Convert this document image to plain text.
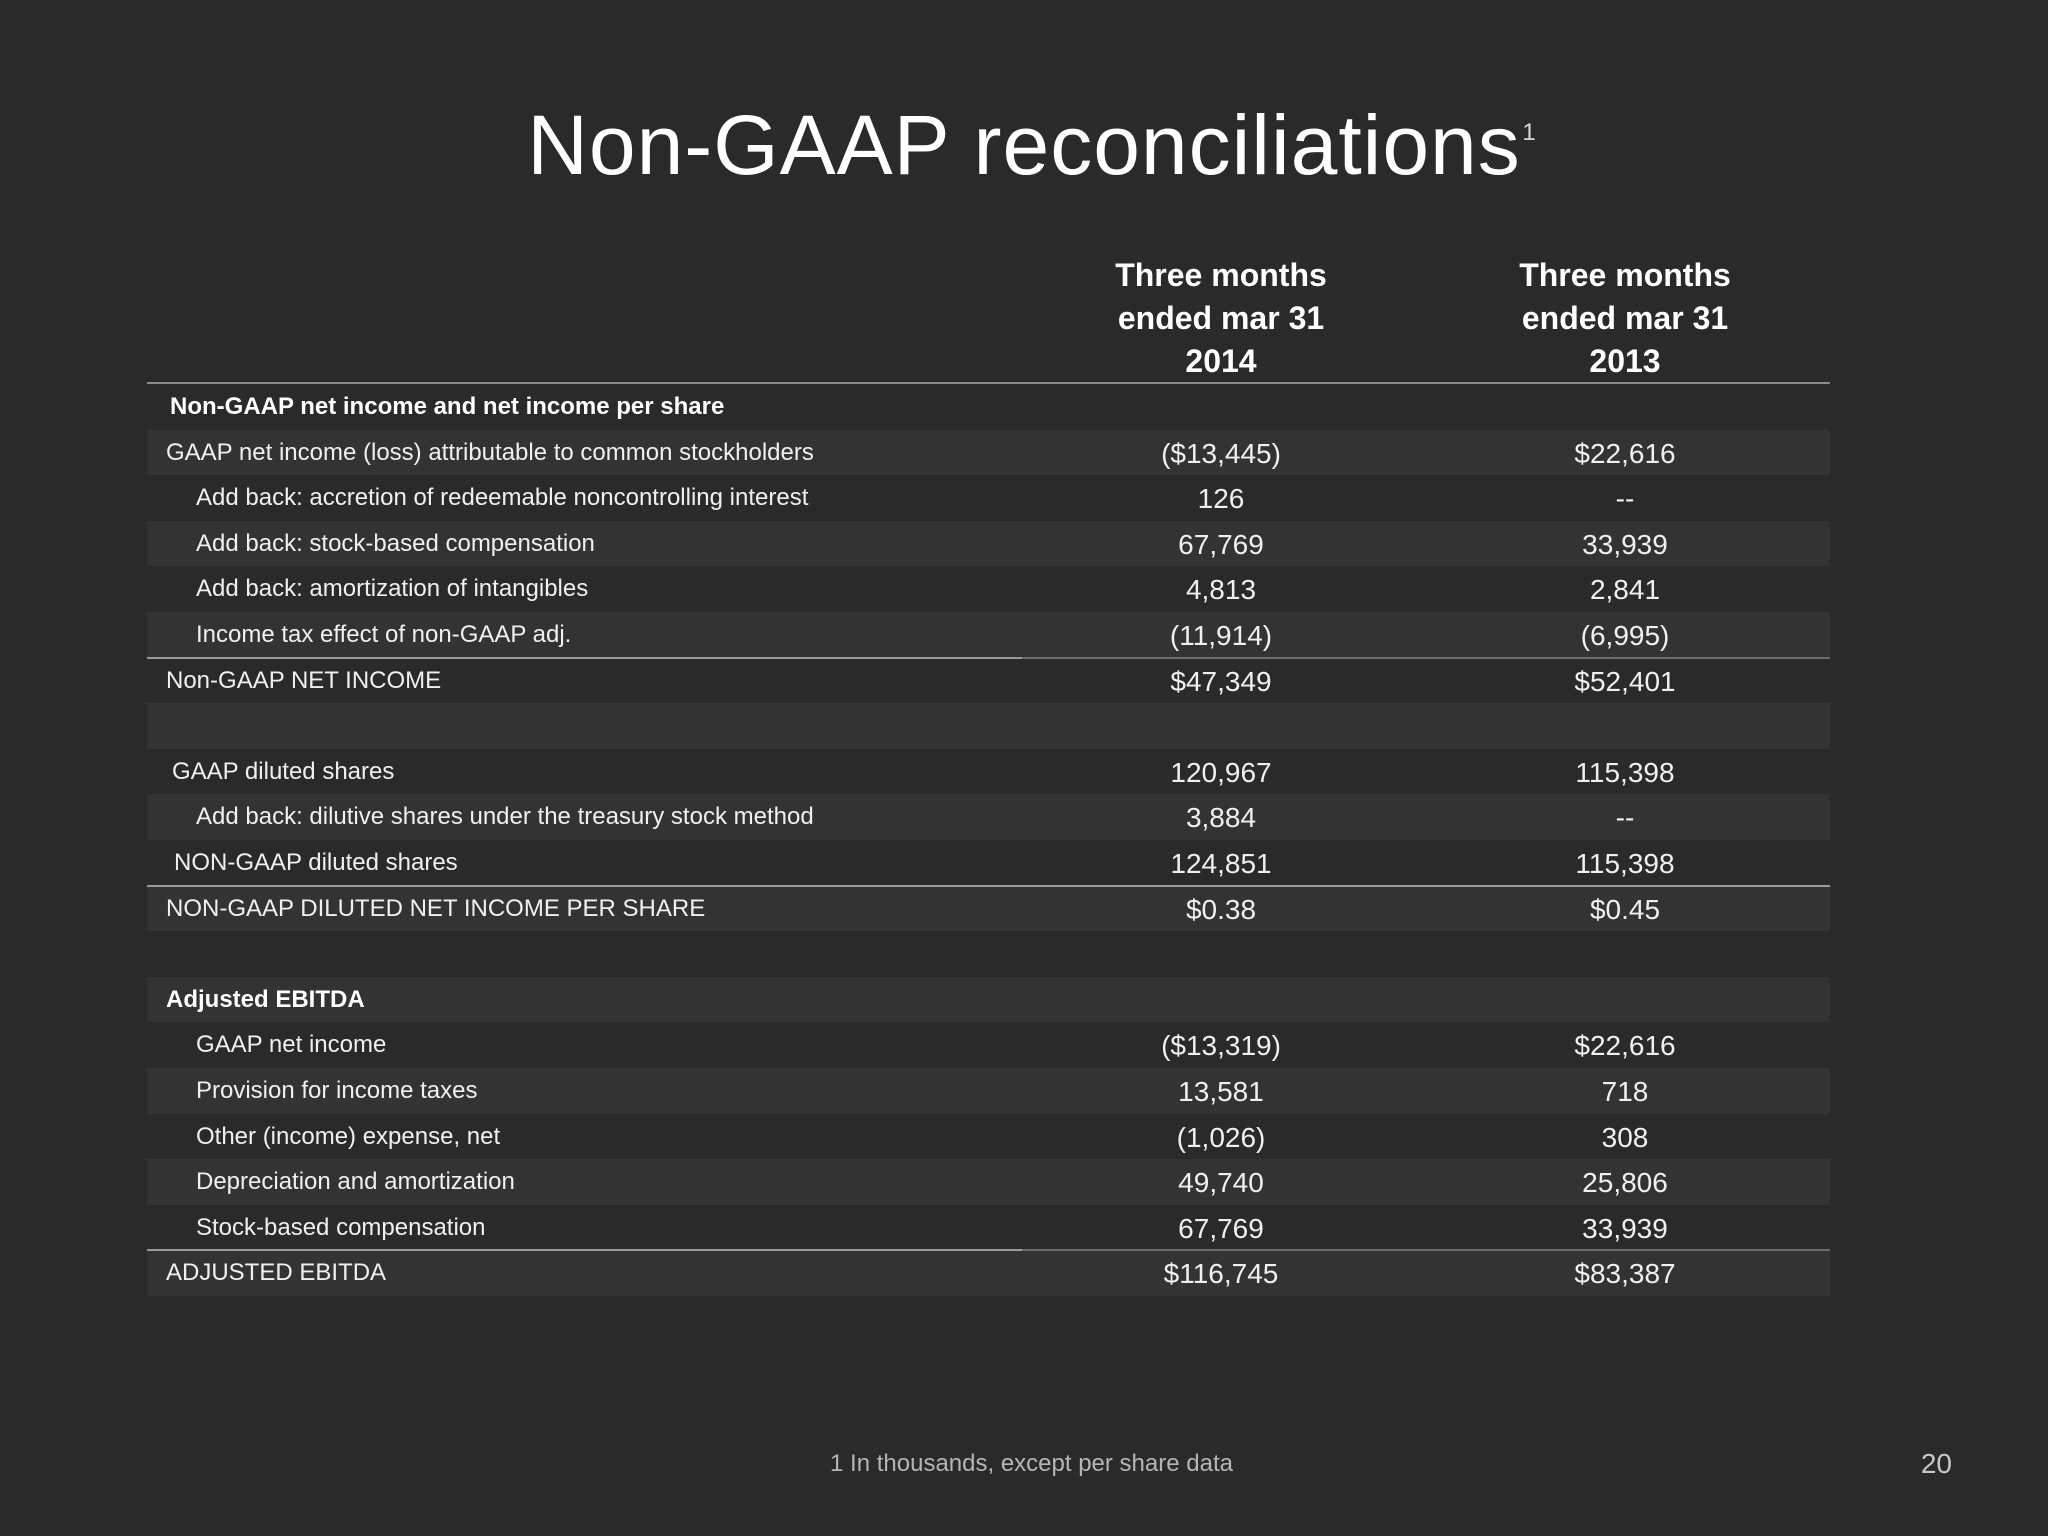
Non-GAAP reconciliations 1
Three months
ended mar 31
2014
Three months
ended mar 31
2013
Non-GAAP net income and net income per share
GAAP net income (loss) attributable to common stockholders	($13,445)	$22,616
Add back: accretion of redeemable noncontrolling interest	126	--
Add back: stock-based compensation	67,769	33,939
Add back: amortization of intangibles	4,813	2,841
Income tax effect of non-GAAP adj.	(11,914)	(6,995)
Non-GAAP NET INCOME	$47,349	$52,401
GAAP diluted shares	120,967	115,398
Add back: dilutive shares under the treasury stock method	3,884	--
NON-GAAP diluted shares	124,851	115,398
NON-GAAP DILUTED NET INCOME PER SHARE	$0.38	$0.45
Adjusted EBITDA
GAAP net income	($13,319)	$22,616
Provision for income taxes	13,581	718
Other (income) expense, net	(1,026)	308
Depreciation and amortization	49,740	25,806
Stock-based compensation	67,769	33,939
ADJUSTED EBITDA	$116,745	$83,387
1 In thousands, except per share data	20
